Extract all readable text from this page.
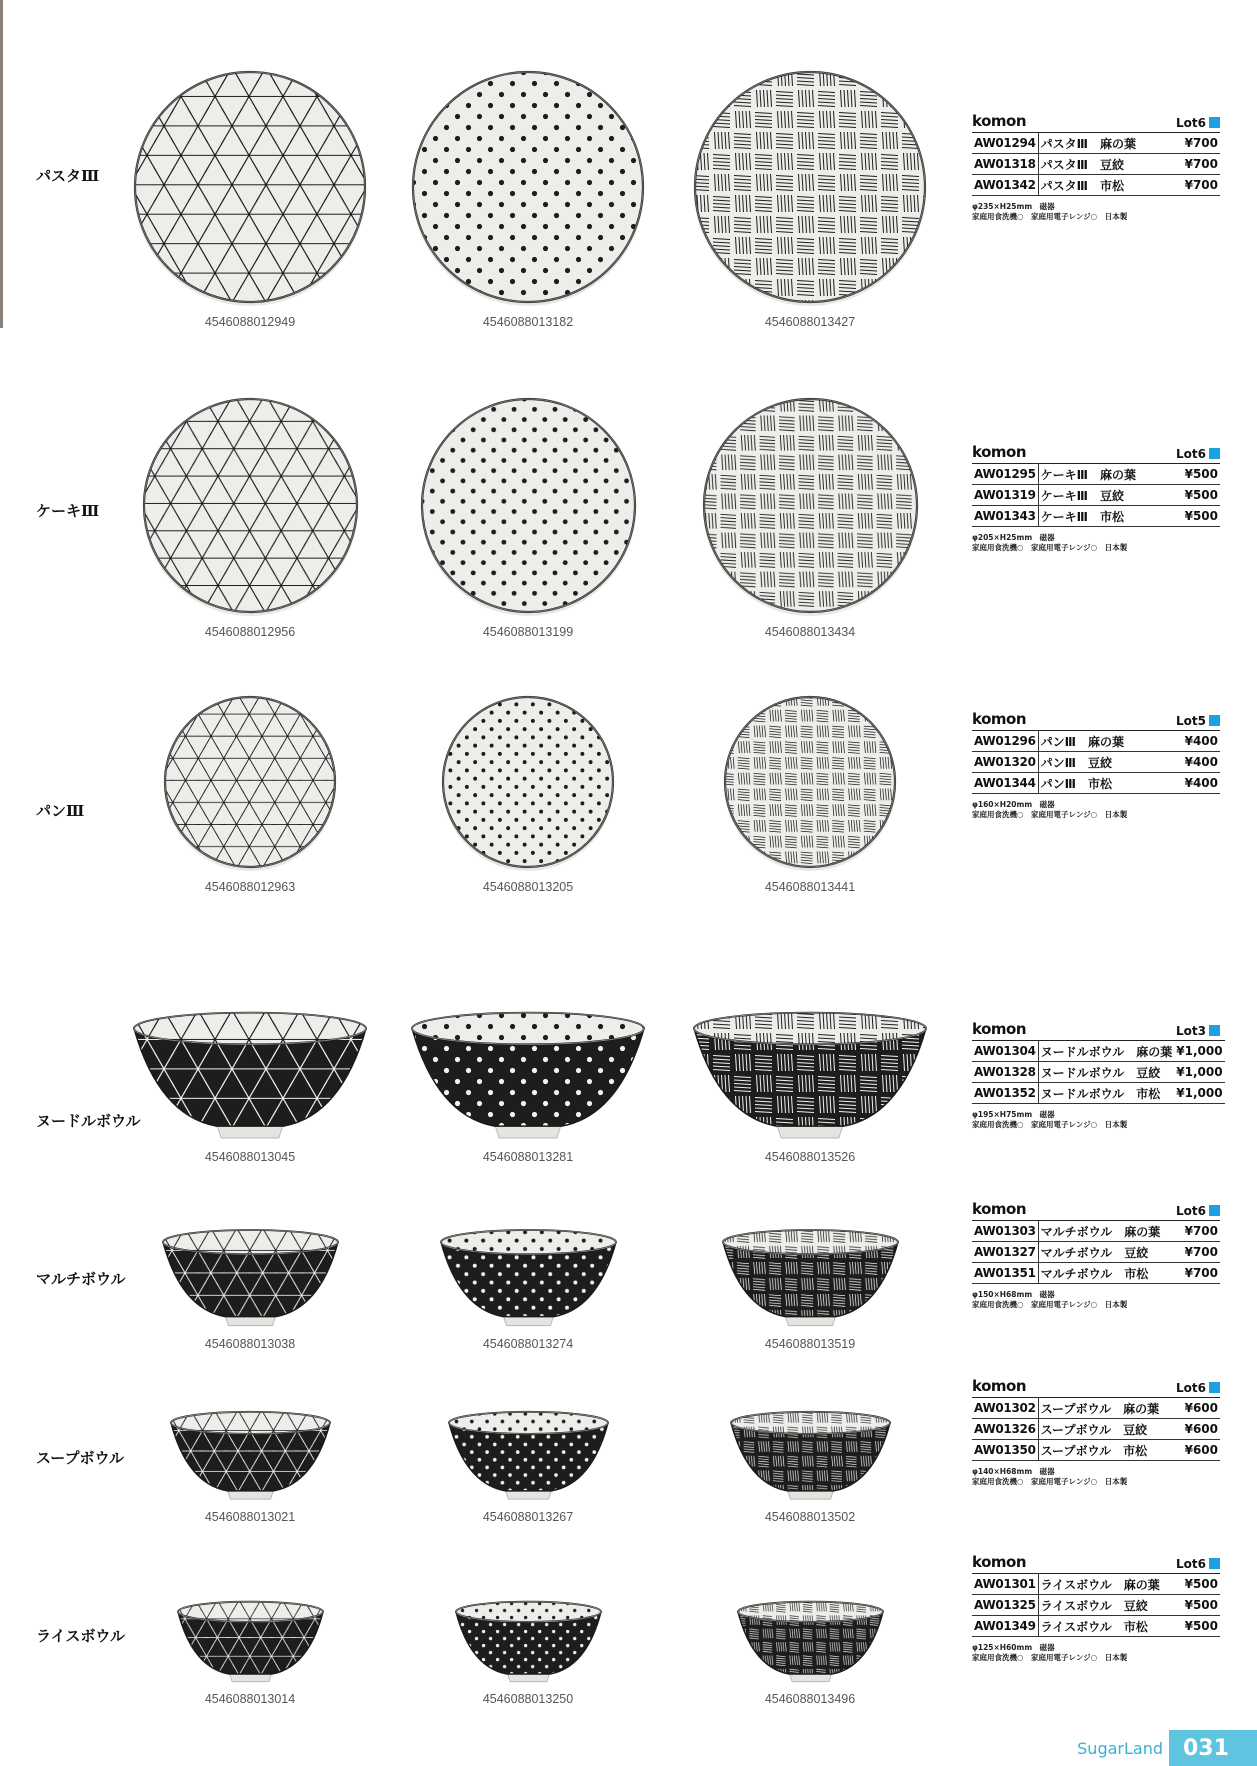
パスタⅢ
4546088012949	4546088013182	4546088013427
komon	Lot6
AW01294	パスタⅢ　麻の葉	¥700
AW01318	パスタⅢ　豆絞	¥700
AW01342	パスタⅢ　市松	¥700
φ235×H25mm　磁器
家庭用食洗機○　家庭用電子レンジ○　日本製
ケーキⅢ
4546088012956	4546088013199	4546088013434
komon	Lot6
AW01295	ケーキⅢ　麻の葉	¥500
AW01319	ケーキⅢ　豆絞	¥500
AW01343	ケーキⅢ　市松	¥500
φ205×H25mm　磁器
家庭用食洗機○　家庭用電子レンジ○　日本製
パンⅢ
4546088012963	4546088013205	4546088013441
komon	Lot5
AW01296	パンⅢ　麻の葉	¥400
AW01320	パンⅢ　豆絞	¥400
AW01344	パンⅢ　市松	¥400
φ160×H20mm　磁器
家庭用食洗機○　家庭用電子レンジ○　日本製
ヌードルボウル
4546088013045	4546088013281	4546088013526
komon	Lot3
AW01304	ヌードルボウル　麻の葉	¥1,000
AW01328	ヌードルボウル　豆絞	¥1,000
AW01352	ヌードルボウル　市松	¥1,000
φ195×H75mm　磁器
家庭用食洗機○　家庭用電子レンジ○　日本製
マルチボウル
4546088013038	4546088013274	4546088013519
komon	Lot6
AW01303	マルチボウル　麻の葉	¥700
AW01327	マルチボウル　豆絞	¥700
AW01351	マルチボウル　市松	¥700
φ150×H68mm　磁器
家庭用食洗機○　家庭用電子レンジ○　日本製
スープボウル
4546088013021	4546088013267	4546088013502
komon	Lot6
AW01302	スープボウル　麻の葉	¥600
AW01326	スープボウル　豆絞	¥600
AW01350	スープボウル　市松	¥600
φ140×H68mm　磁器
家庭用食洗機○　家庭用電子レンジ○　日本製
ライスボウル
4546088013014	4546088013250	4546088013496
komon	Lot6
AW01301	ライスボウル　麻の葉	¥500
AW01325	ライスボウル　豆絞	¥500
AW01349	ライスボウル　市松	¥500
φ125×H60mm　磁器
家庭用食洗機○　家庭用電子レンジ○　日本製
SugarLand 031
